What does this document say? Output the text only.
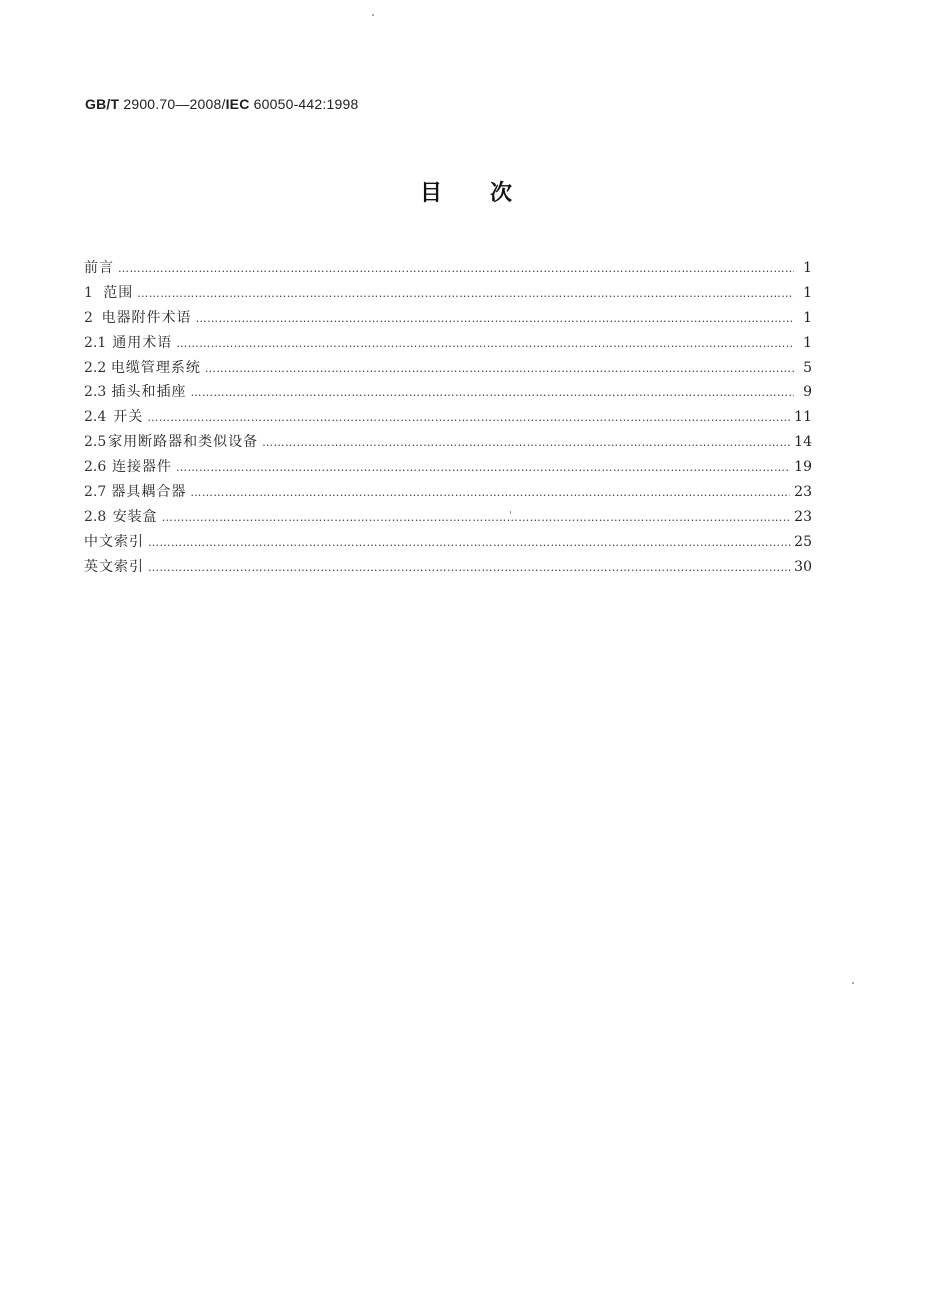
GB/T 2900.70—2008/IEC 60050-442:1998
目次
前言 ……………………………………………………………………………………………………………………………………………………………………………………………………………………	1
1 范围 ……………………………………………………………………………………………………………………………………………………………………………………………………………………	1
2 电器附件术语 ……………………………………………………………………………………………………………………………………………………………………………………………………………………	1
2.1 通用术语 ……………………………………………………………………………………………………………………………………………………………………………………………………………………	1
2.2 电缆管理系统 ……………………………………………………………………………………………………………………………………………………………………………………………………………………	5
2.3 插头和插座 ……………………………………………………………………………………………………………………………………………………………………………………………………………………	9
2.4 开关 ……………………………………………………………………………………………………………………………………………………………………………………………………………………	11
2.5 家用断路器和类似设备 ……………………………………………………………………………………………………………………………………………………………………………………………………………………	14
2.6 连接器件 ……………………………………………………………………………………………………………………………………………………………………………………………………………………	19
2.7 器具耦合器 ……………………………………………………………………………………………………………………………………………………………………………………………………………………	23
2.8 安装盒 ……………………………………………………………………………………………………………………………………………………………………………………………………………………	23
中文索引 ……………………………………………………………………………………………………………………………………………………………………………………………………………………	25
英文索引 ……………………………………………………………………………………………………………………………………………………………………………………………………………………	30
